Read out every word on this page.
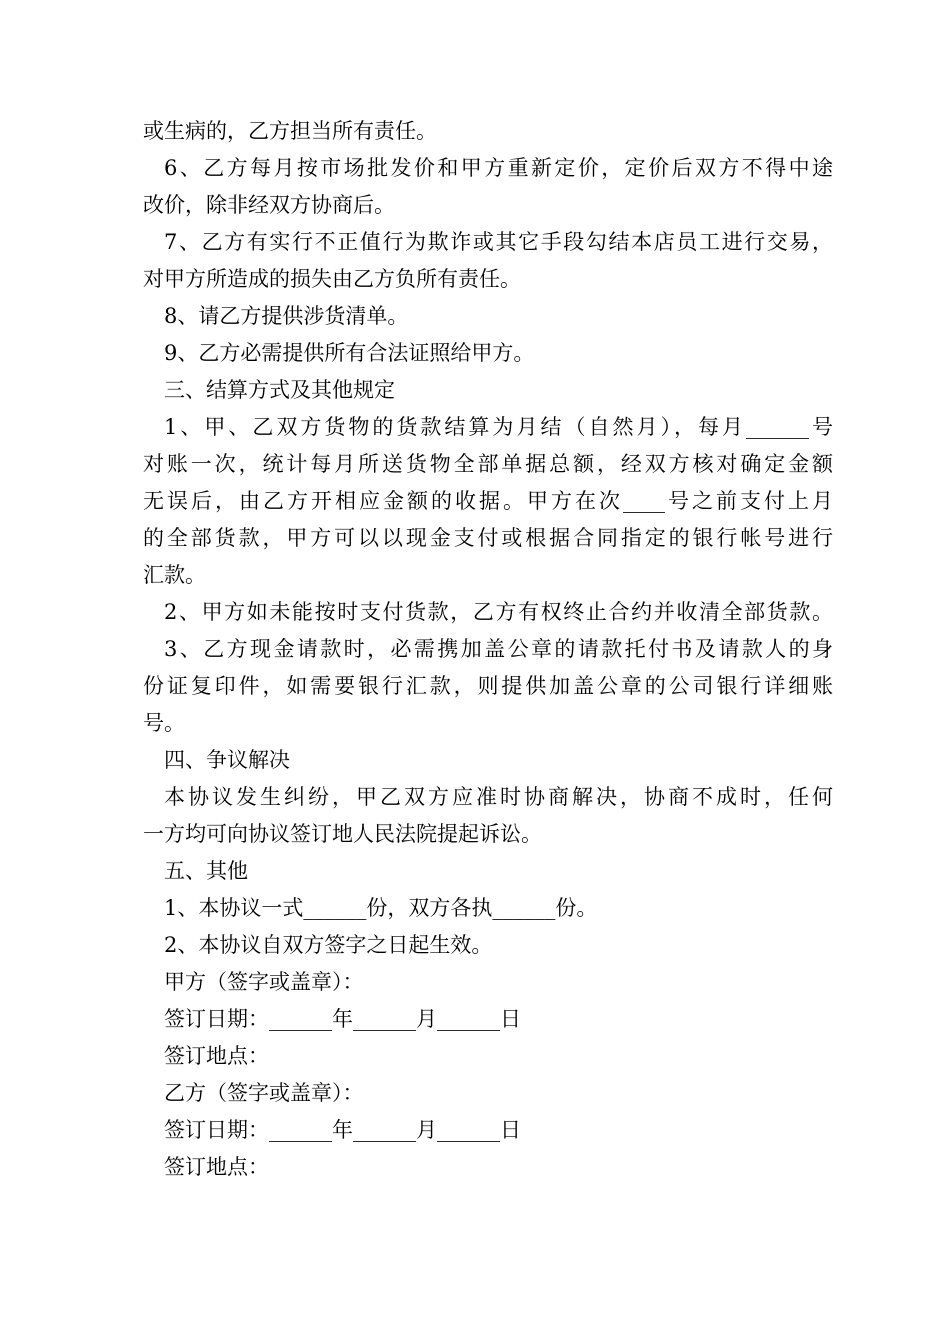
或生病的，乙方担当所有责任。
6、乙方每月按市场批发价和甲方重新定价，定价后双方不得中途
改价，除非经双方协商后。
7、乙方有实行不正值行为欺诈或其它手段勾结本店员工进行交易，
对甲方所造成的损失由乙方负所有责任。
8、请乙方提供涉货清单。
9、乙方必需提供所有合法证照给甲方。
三、结算方式及其他规定
1、甲、乙双方货物的货款结算为月结（自然月），每月______号
对账一次，统计每月所送货物全部单据总额，经双方核对确定金额
无误后，由乙方开相应金额的收据。甲方在次____号之前支付上月
的全部货款，甲方可以以现金支付或根据合同指定的银行帐号进行
汇款。
2、甲方如未能按时支付货款，乙方有权终止合约并收清全部货款。
3、乙方现金请款时，必需携加盖公章的请款托付书及请款人的身
份证复印件，如需要银行汇款，则提供加盖公章的公司银行详细账
号。
四、争议解决
本协议发生纠纷，甲乙双方应准时协商解决，协商不成时，任何
一方均可向协议签订地人民法院提起诉讼。
五、其他
1、本协议一式______份，双方各执______份。
2、本协议自双方签字之日起生效。
甲方（签字或盖章）：
签订日期：______年______月______日
签订地点：
乙方（签字或盖章）：
签订日期：______年______月______日
签订地点：
